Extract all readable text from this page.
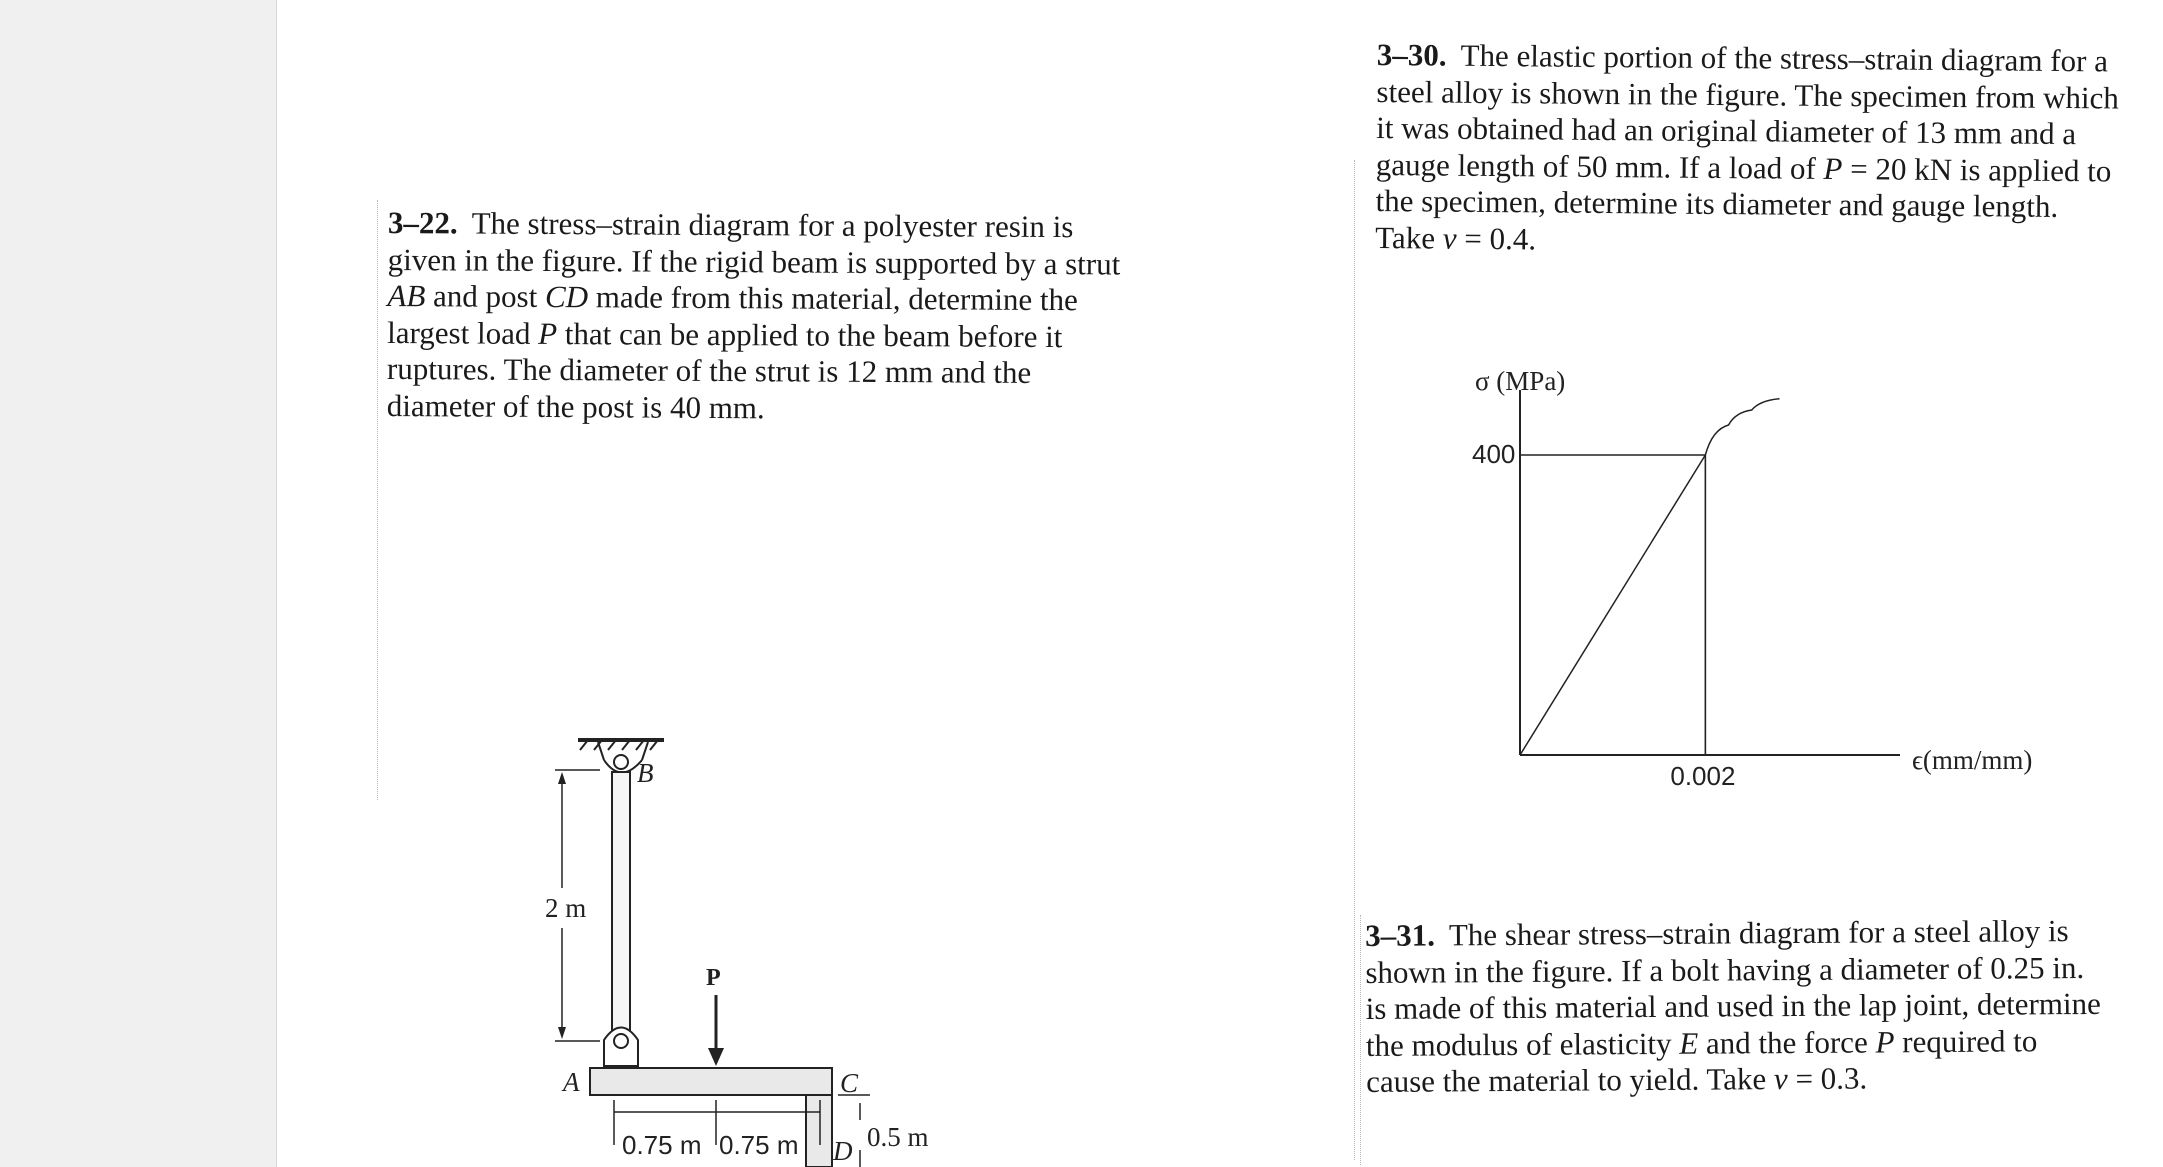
3–22. The stress–strain diagram for a polyester resin is
given in the figure. If the rigid beam is supported by a strut
AB and post CD made from this material, determine the
largest load P that can be applied to the beam before it
ruptures. The diameter of the strut is 12 mm and the
diameter of the post is 40 mm.
3–30. The elastic portion of the stress–strain diagram for a
steel alloy is shown in the figure. The specimen from which
it was obtained had an original diameter of 13 mm and a
gauge length of 50 mm. If a load of P = 20 kN is applied to
the specimen, determine its diameter and gauge length.
Take ν = 0.4.
3–31. The shear stress–strain diagram for a steel alloy is
shown in the figure. If a bolt having a diameter of 0.25 in.
is made of this material and used in the lap joint, determine
the modulus of elasticity E and the force P required to
cause the material to yield. Take ν = 0.3.
B
A	C
D
P
2 m
0.75 m 0.75 m	0.5 m
σ (MPa)
ϵ(mm/mm)
400
0.002
